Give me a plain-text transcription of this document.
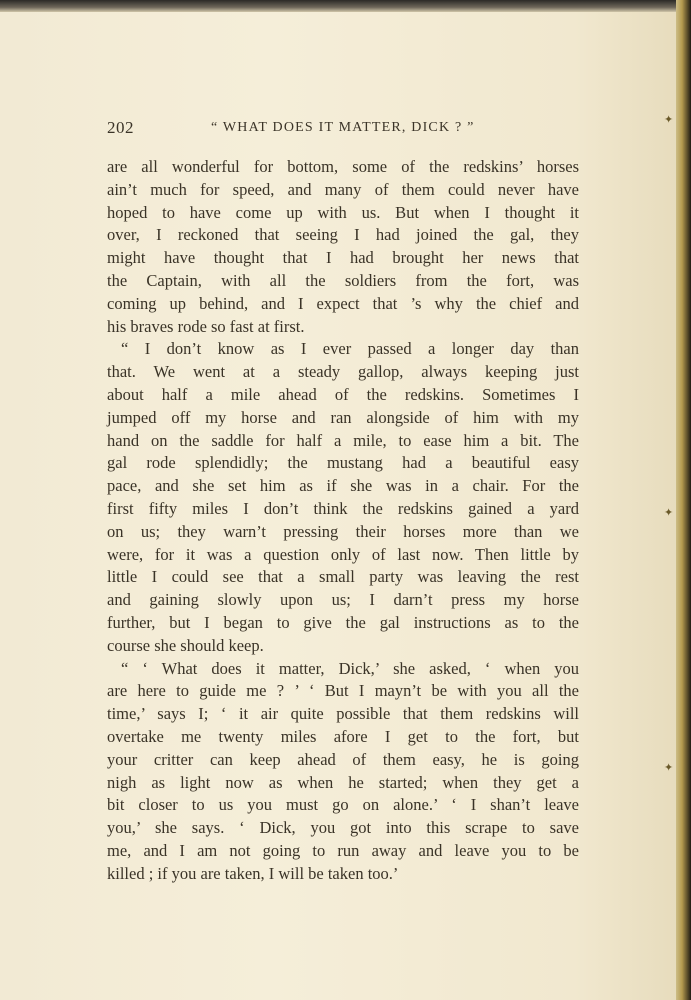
202	“ WHAT DOES IT MATTER, DICK ? ”
are all wonderful for bottom, some of the redskins’ horses
ain’t much for speed, and many of them could never have
hoped to have come up with us. But when I thought it
over, I reckoned that seeing I had joined the gal, they
might have thought that I had brought her news that
the Captain, with all the soldiers from the fort, was
coming up behind, and I expect that ’s why the chief and
his braves rode so fast at first.
“ I don’t know as I ever passed a longer day than
that. We went at a steady gallop, always keeping just
about half a mile ahead of the redskins. Sometimes I
jumped off my horse and ran alongside of him with my
hand on the saddle for half a mile, to ease him a bit. The
gal rode splendidly; the mustang had a beautiful easy
pace, and she set him as if she was in a chair. For the
first fifty miles I don’t think the redskins gained a yard
on us; they warn’t pressing their horses more than we
were, for it was a question only of last now. Then little by
little I could see that a small party was leaving the rest
and gaining slowly upon us; I darn’t press my horse
further, but I began to give the gal instructions as to the
course she should keep.
“ ‘ What does it matter, Dick,’ she asked, ‘ when you
are here to guide me ? ’ ‘ But I mayn’t be with you all the
time,’ says I; ‘ it air quite possible that them redskins will
overtake me twenty miles afore I get to the fort, but
your critter can keep ahead of them easy, he is going
nigh as light now as when he started; when they get a
bit closer to us you must go on alone.’ ‘ I shan’t leave
you,’ she says. ‘ Dick, you got into this scrape to save
me, and I am not going to run away and leave you to be
killed ; if you are taken, I will be taken too.’
✦
✦
✦
